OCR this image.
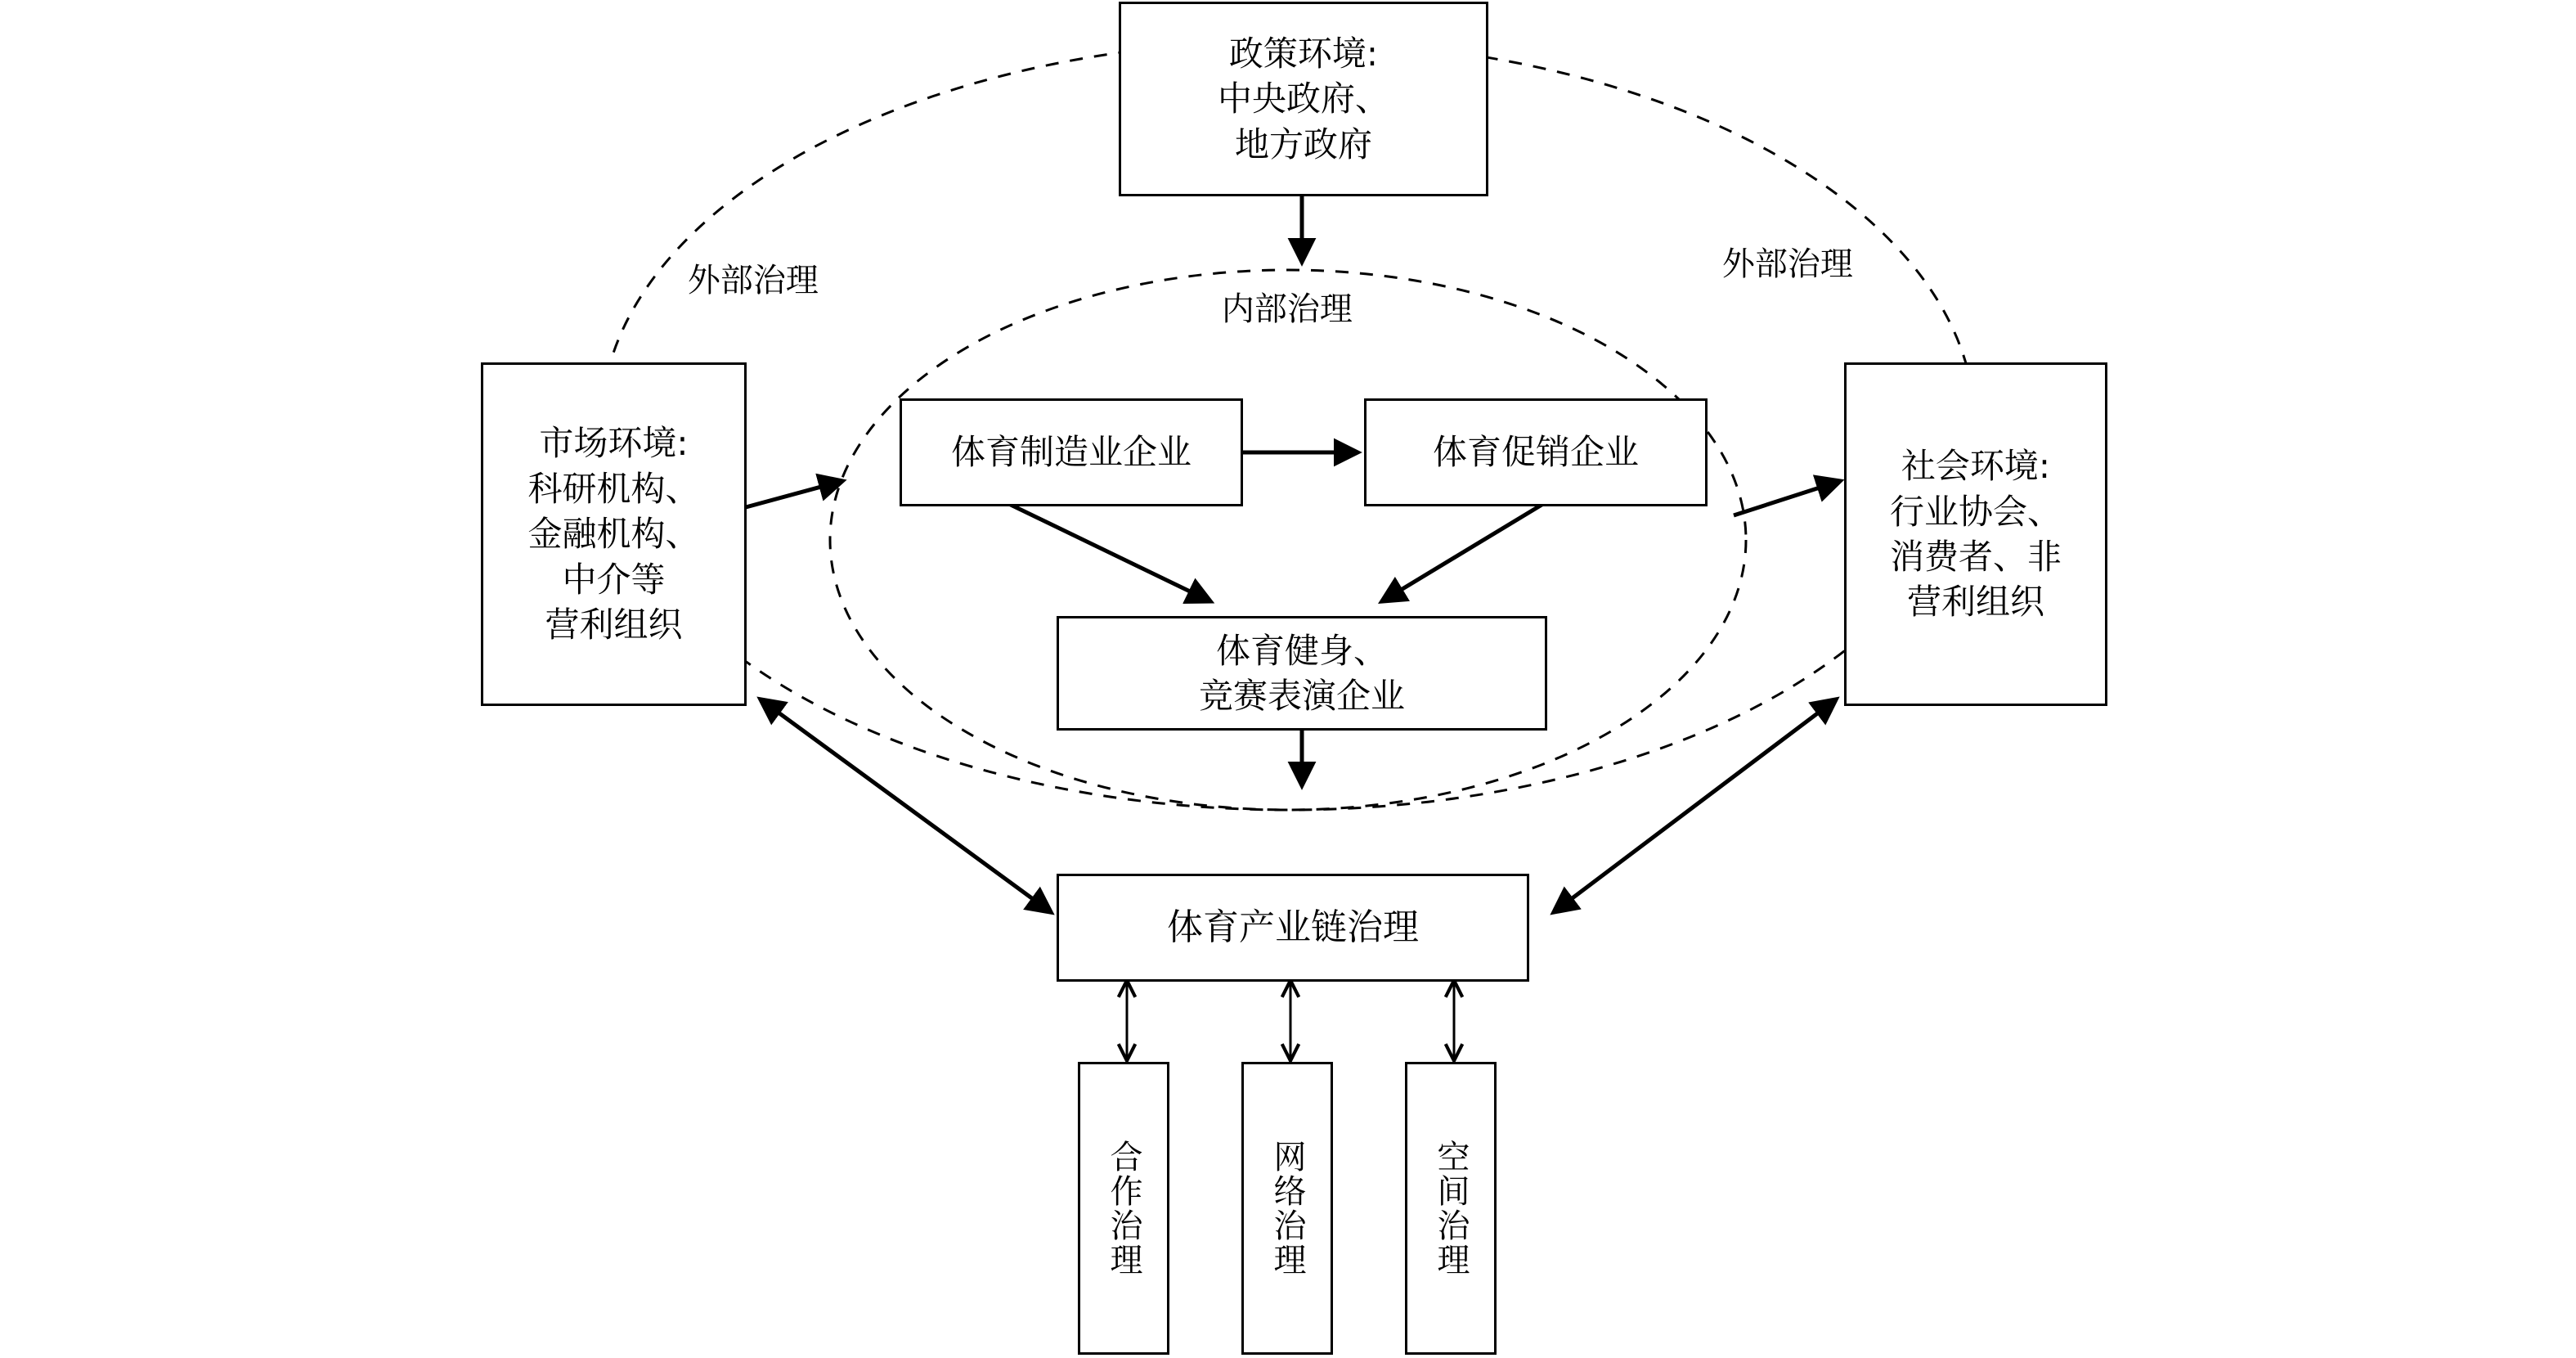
政策环境:
中央政府、
地方政府
市场环境:
科研机构、
金融机构、
中介等
营利组织
社会环境:
行业协会、
消费者、非
营利组织
体育制造业企业	体育促销企业
体育健身、
竞赛表演企业
体育产业链治理
合作治理	网络治理	空间治理

外部治理
	外部治理

内部治理
